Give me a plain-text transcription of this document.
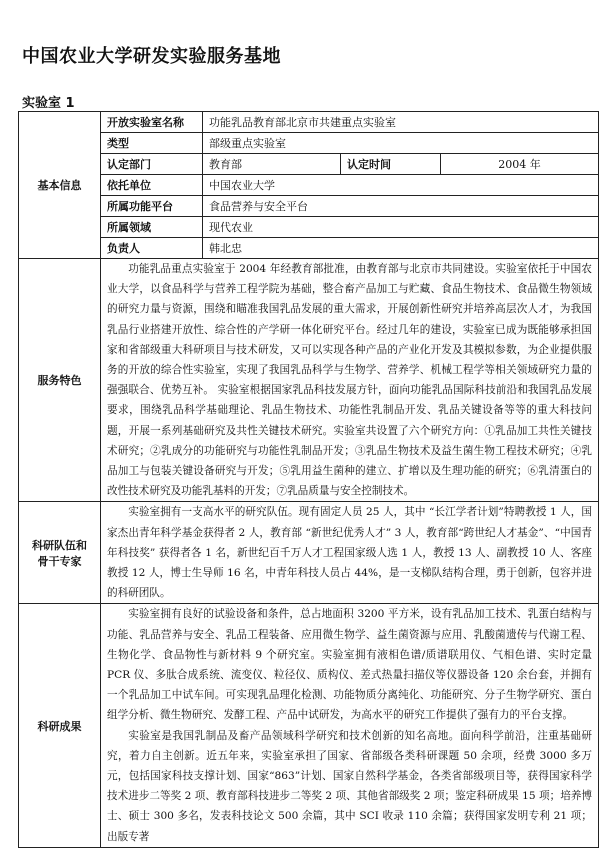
中国农业大学研发实验服务基地
实验室 1
基本信息	开放实验室名称	功能乳品教育部北京市共建重点实验室		
	类型	部级重点实验室		
	认定部门	教育部	认定时间	2004 年
	依托单位	中国农业大学		
	所属功能平台	食品营养与安全平台		
	所属领域	现代农业		
	负责人	韩北忠		
服务特色	功能乳品重点实验室于 2004 年经教育部批准，由教育部与北京市共同建设。实验室依托于中国农业大学，以食品科学与营养工程学院为基础，整合畜产品加工与贮藏、食品生物技术、食品微生物领域的研究力量与资源，围绕和瞄准我国乳品发展的重大需求，开展创新性研究并培养高层次人才，为我国乳品行业搭建开放性、综合性的产学研一体化研究平台。经过几年的建设，实验室已成为既能够承担国家和省部级重大科研项目与技术研发，又可以实现各种产品的产业化开发及其模拟参数，为企业提供服务的开放的综合性实验室，实现了我国乳品科学与生物学、营养学、机械工程学等相关领域研究力量的强强联合、优势互补。 实验室根据国家乳品科技发展方针，面向功能乳品国际科技前沿和我国乳品发展要求，围绕乳品科学基础理论、乳品生物技术、功能性乳制品开发、乳品关键设备等等的重大科技问题，开展一系列基础研究及共性关键技术研究。实验室共设置了六个研究方向：①乳品加工共性关键技术研究；②乳成分的功能研究与功能性乳制品开发；③乳品生物技术及益生菌生物工程技术研究；④乳品加工与包装关键设备研究与开发；⑤乳用益生菌种的建立、扩增以及生理功能的研究；⑥乳清蛋白的改性技术研究及功能乳基料的开发；⑦乳品质量与安全控制技术。			

科研队伍和
骨干专家	实验室拥有一支高水平的研究队伍。现有固定人员 25 人，其中 “长江学者计划”特聘教授 1 人，国家杰出青年科学基金获得者 2 人，教育部 “新世纪优秀人才” 3 人，教育部“跨世纪人才基金”、“中国青年科技奖” 获得者各 1 名，新世纪百千万人才工程国家级人选 1 人，教授 13 人、副教授 10 人、客座教授 12 人，博士生导师 16 名，中青年科技人员占 44%，是一支梯队结构合理，勇于创新，包容并进的科研团队。			

科研成果	实验室拥有良好的试验设备和条件，总占地面积 3200 平方米，设有乳品加工技术、乳蛋白结构与功能、乳品营养与安全、乳品工程装备、应用微生物学、益生菌资源与应用、乳酸菌遗传与代谢工程、生物化学、食品物性与新材料 9 个研究室。实验室拥有液相色谱/质谱联用仪、气相色谱、实时定量 PCR 仪、多肽合成系统、流变仪、粒径仪、质构仪、差式热量扫描仪等仪器设备 120 余台套，并拥有一个乳品加工中试车间。可实现乳品理化检测、功能物质分离纯化、功能研究、分子生物学研究、蛋白组学分析、微生物研究、发酵工程、产品中试研发，为高水平的研究工作提供了强有力的平台支撑。

实验室是我国乳制品及畜产品领域科学研究和技术创新的知名高地。面向科学前沿，注重基础研究，着力自主创新。近五年来，实验室承担了国家、省部级各类科研课题 50 余项，经费 3000 多万元，包括国家科技支撑计划、国家“863”计划、国家自然科学基金，各类省部级项目等，获得国家科学技术进步二等奖 2 项、教育部科技进步二等奖 2 项、其他省部级奖 2 项；鉴定科研成果 15 项；培养博士、硕士 300 多名，发表科技论文 500 余篇，其中 SCI 收录 110 余篇；获得国家发明专利 21 项；出版专著			
